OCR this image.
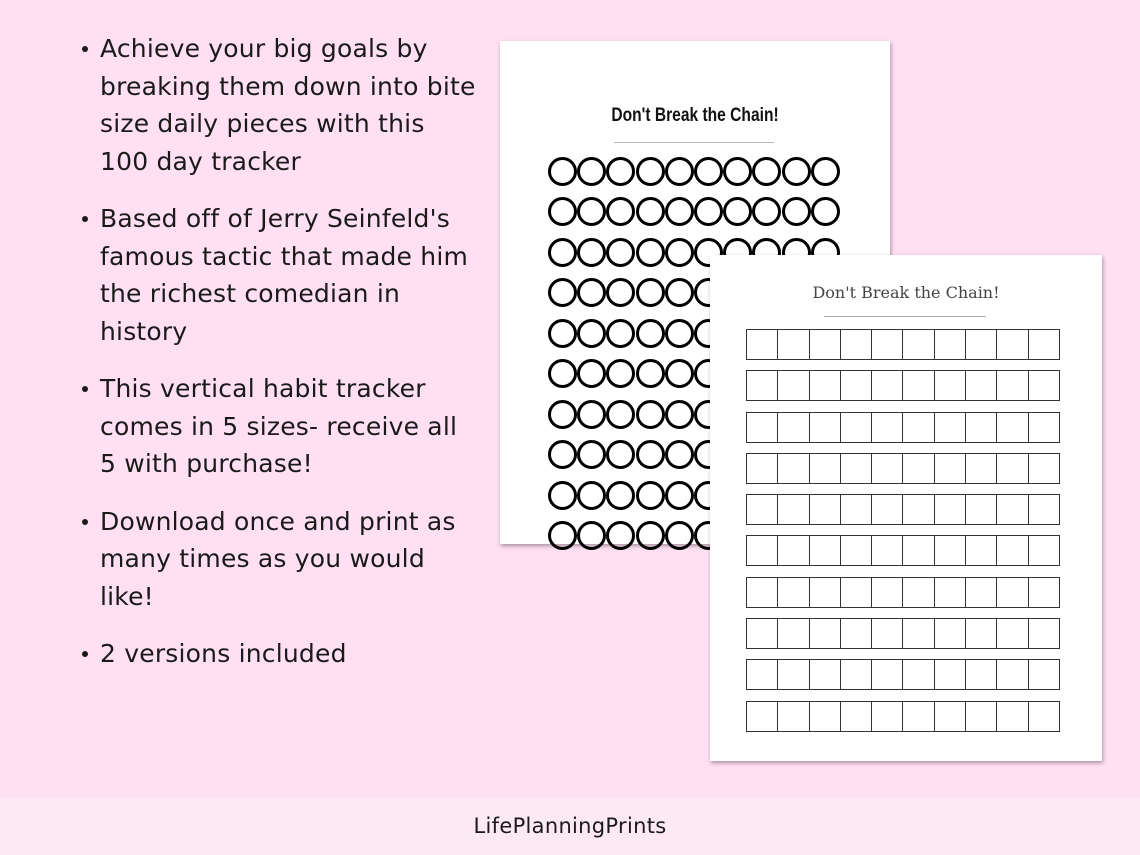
Achieve your big goals by breaking them down into bite size daily pieces with this 100 day tracker
Based off of Jerry Seinfeld's famous tactic that made him the richest comedian in history
This vertical habit tracker comes in 5 sizes- receive all 5 with purchase!
Download once and print as many times as you would like!
2 versions included
Don't Break the Chain!
Don't Break the Chain!
LifePlanningPrints
